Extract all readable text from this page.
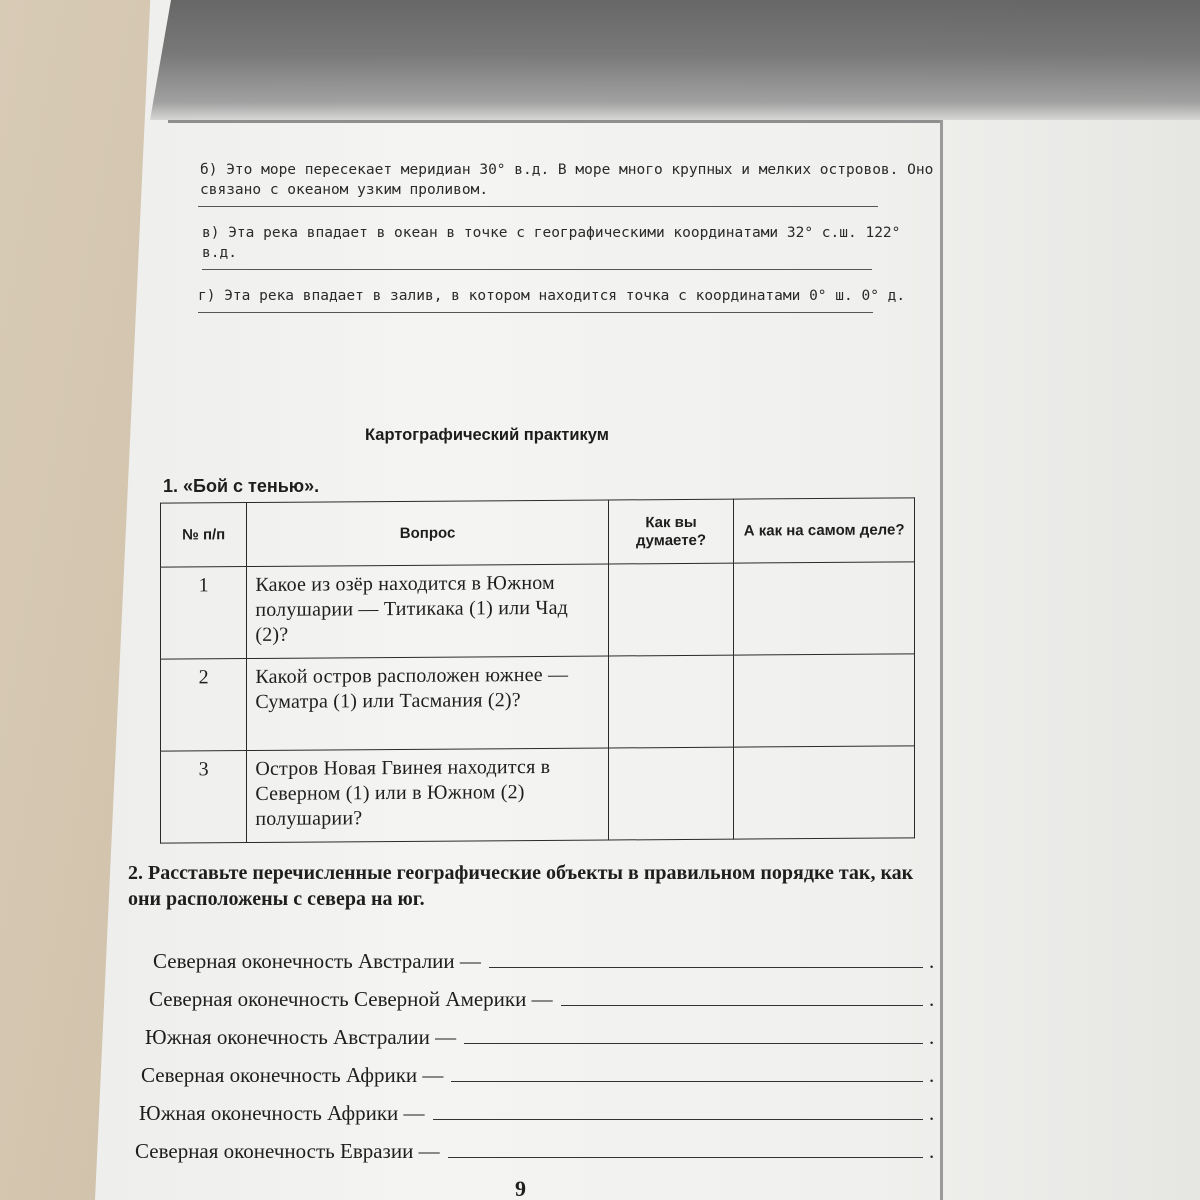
б) Это море пересекает меридиан 30° в.д. В море много крупных и мелких островов. Оно связано с океаном узким проливом.
в) Эта река впадает в океан в точке с географическими координатами 32° с.ш. 122° в.д.
г) Эта река впадает в залив, в котором находится точка с координатами 0° ш. 0° д.
Картографический практикум
1. «Бой с тенью».
№ п/п	Вопрос	Как вы думаете?	А как на самом деле?
1	Какое из озёр находится в Южном полушарии — Титикака (1) или Чад (2)?		
2	Какой остров расположен южнее — Суматра (1) или Тасмания (2)?		
3	Остров Новая Гвинея находится в Северном (1) или в Южном (2) полушарии?		
2. Расставьте перечисленные географические объекты в правильном порядке так, как они расположены с севера на юг.
Северная оконечность Австралии —	.
Северная оконечность Северной Америки —	.
Южная оконечность Австралии —	.
Северная оконечность Африки —	.
Южная оконечность Африки —	.
Северная оконечность Евразии —	.
9
